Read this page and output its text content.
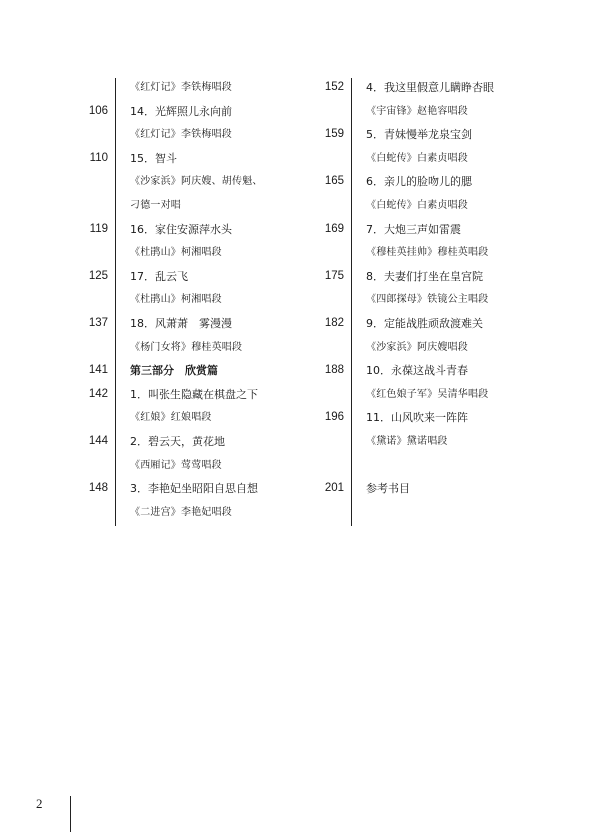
《红灯记》李铁梅唱段
106 14．光辉照儿永向前
《红灯记》李铁梅唱段
110 15．智斗
《沙家浜》阿庆嫂、胡传魁、
刁德一对唱
119 16．家住安源萍水头
《杜鹃山》柯湘唱段
125 17．乱云飞
《杜鹃山》柯湘唱段
137 18．风萧萧　雾漫漫
《杨门女将》穆桂英唱段
141 第三部分　欣赏篇
142 1．叫张生隐藏在棋盘之下
《红娘》红娘唱段
144 2．碧云天，黄花地
《西厢记》莺莺唱段
148 3．李艳妃坐昭阳自思自想
《二进宫》李艳妃唱段
152 4．我这里假意儿瞒睁杏眼
《宇宙锋》赵艳容唱段
159 5．青妹慢举龙泉宝剑
《白蛇传》白素贞唱段
165 6．亲儿的脸吻儿的腮
《白蛇传》白素贞唱段
169 7．大炮三声如雷震
《穆桂英挂帅》穆桂英唱段
175 8．夫妻们打坐在皇宫院
《四郎探母》铁镜公主唱段
182 9．定能战胜顽敌渡难关
《沙家浜》阿庆嫂唱段
188 10．永葆这战斗青春
《红色娘子军》吴清华唱段
196 11．山风吹来一阵阵
《黛诺》黛诺唱段
201 参考书目
2
